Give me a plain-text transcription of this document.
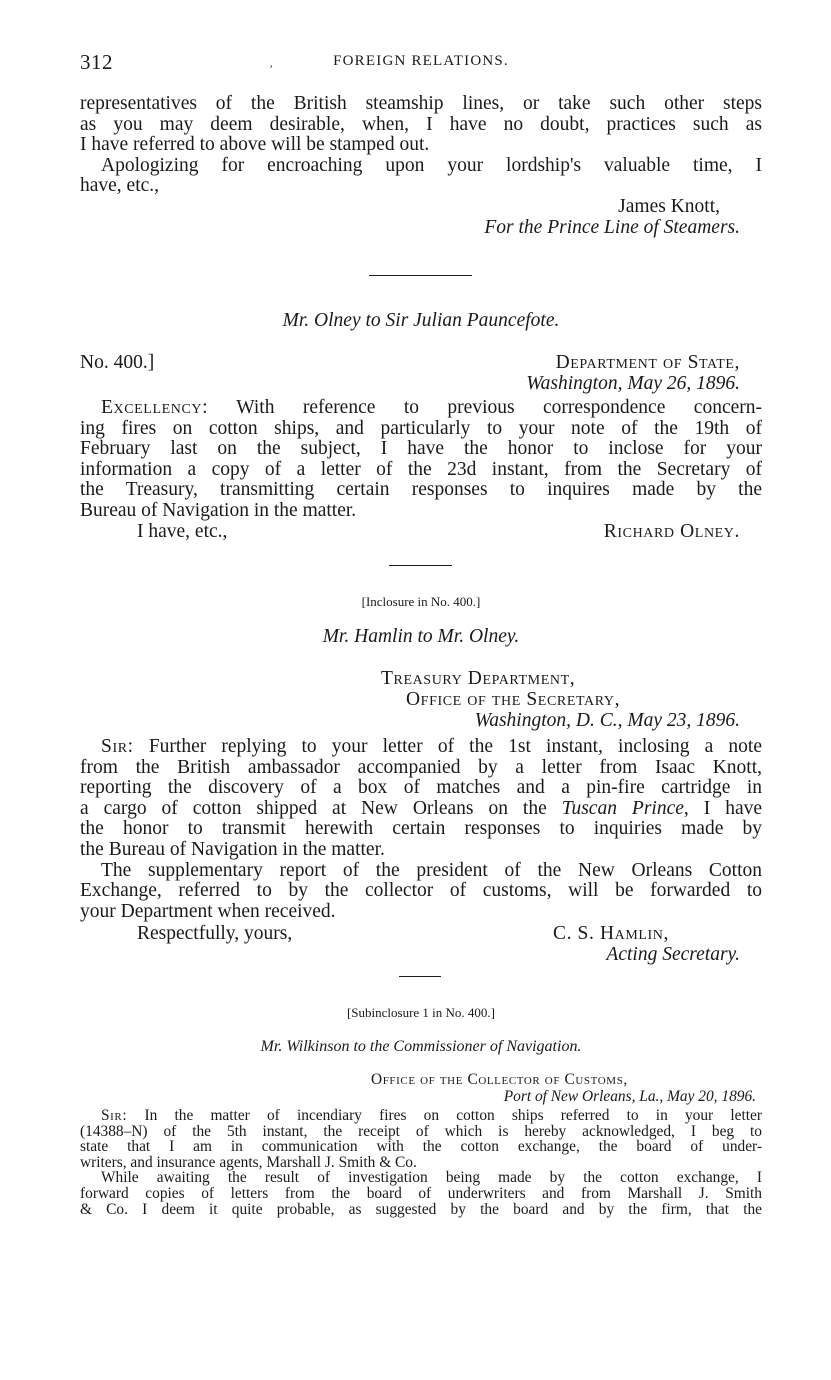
312	FOREIGN RELATIONS.
′

representatives of the British steamship lines, or take such other steps

as you may deem desirable, when, I have no doubt, practices such as

I have referred to above will be stamped out.

Apologizing for encroaching upon your lordship's valuable time, I

have, etc.,

James Knott,
For the Prince Line of Steamers.
Mr. Olney to Sir Julian Pauncefote.
No. 400.]	Department of State,
Washington, May 26, 1896.

Excellency: With reference to previous correspondence concern-

ing fires on cotton ships, and particularly to your note of the 19th of

February last on the subject, I have the honor to inclose for your

information a copy of a letter of the 23d instant, from the Secretary of

the Treasury, transmitting certain responses to inquires made by the

Bureau of Navigation in the matter.

I have, etc.,	Richard Olney.
[Inclosure in No. 400.]
Mr. Hamlin to Mr. Olney.
Treasury Department,
Office of the Secretary,
Washington, D. C., May 23, 1896.

Sir: Further replying to your letter of the 1st instant, inclosing a note

from the British ambassador accompanied by a letter from Isaac Knott,

reporting the discovery of a box of matches and a pin-fire cartridge in

a cargo of cotton shipped at New Orleans on the Tuscan Prince, I have

the honor to transmit herewith certain responses to inquiries made by

the Bureau of Navigation in the matter.

The supplementary report of the president of the New Orleans Cotton

Exchange, referred to by the collector of customs, will be forwarded to

your Department when received.

Respectfully, yours,	C. S. Hamlin,
Acting Secretary.
[Subinclosure 1 in No. 400.]
Mr. Wilkinson to the Commissioner of Navigation.
Office of the Collector of Customs,
Port of New Orleans, La., May 20, 1896.

Sir: In the matter of incendiary fires on cotton ships referred to in your letter

(14388–N) of the 5th instant, the receipt of which is hereby acknowledged, I beg to

state that I am in communication with the cotton exchange, the board of under-

writers, and insurance agents, Marshall J. Smith & Co.

While awaiting the result of investigation being made by the cotton exchange, I

forward copies of letters from the board of underwriters and from Marshall J. Smith

& Co. I deem it quite probable, as suggested by the board and by the firm, that the
